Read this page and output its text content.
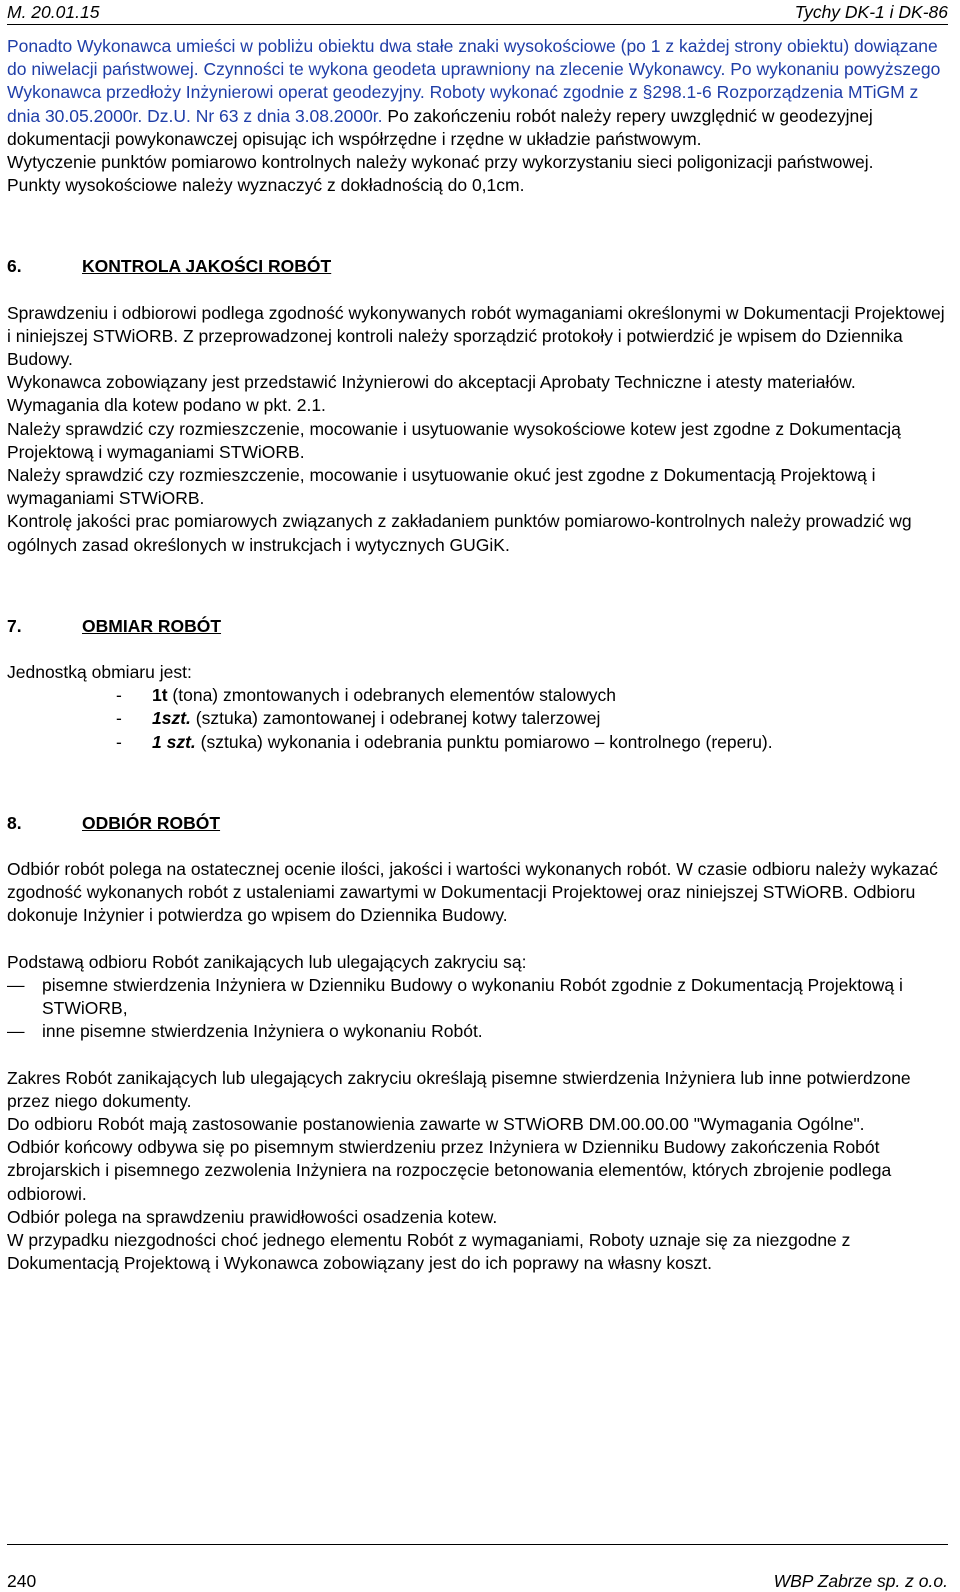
M. 20.01.15	Tychy DK-1 i DK-86

Ponadto Wykonawca umieści w pobliżu obiektu dwa stałe znaki wysokościowe (po 1 z każdej strony obiektu) dowiązane do niwelacji państwowej. Czynności te wykona geodeta uprawniony na zlecenie Wykonawcy. Po wykonaniu powyższego Wykonawca przedłoży Inżynierowi operat geodezyjny. Roboty wykonać zgodnie z §298.1-6 Rozporządzenia MTiGM z dnia 30.05.2000r. Dz.U. Nr 63 z dnia 3.08.2000r. Po zakończeniu robót należy repery uwzględnić w geodezyjnej dokumentacji powykonawczej opisując ich współrzędne i rzędne w układzie państwowym.

Wytyczenie punktów pomiarowo kontrolnych należy wykonać przy wykorzystaniu sieci poligonizacji państwowej.

Punkty wysokościowe należy wyznaczyć z dokładnością do 0,1cm.

6.	KONTROLA JAKOŚCI ROBÓT

Sprawdzeniu i odbiorowi podlega zgodność wykonywanych robót wymaganiami określonymi w Dokumentacji Projektowej i niniejszej STWiORB. Z przeprowadzonej kontroli należy sporządzić protokoły i potwierdzić je wpisem do Dziennika Budowy.

Wykonawca zobowiązany jest przedstawić Inżynierowi do akceptacji Aprobaty Techniczne i atesty materiałów.

Wymagania dla kotew podano w pkt. 2.1.

Należy sprawdzić czy rozmieszczenie, mocowanie i usytuowanie wysokościowe kotew jest zgodne z Dokumentacją Projektową i wymaganiami STWiORB.

Należy sprawdzić czy rozmieszczenie, mocowanie i usytuowanie okuć jest zgodne z Dokumentacją Projektową i wymaganiami STWiORB.

Kontrolę jakości prac pomiarowych związanych z zakładaniem punktów pomiarowo-kontrolnych należy prowadzić wg ogólnych zasad określonych w instrukcjach i wytycznych GUGiK.

7.	OBMIAR ROBÓT

Jednostką obmiaru jest:

- 1t (tona) zmontowanych i odebranych elementów stalowych
- 1szt. (sztuka) zamontowanej i odebranej kotwy talerzowej
- 1 szt. (sztuka) wykonania i odebrania punktu pomiarowo – kontrolnego (reperu).
8.	ODBIÓR ROBÓT

Odbiór robót polega na ostatecznej ocenie ilości, jakości i wartości wykonanych robót. W czasie odbioru należy wykazać zgodność wykonanych robót z ustaleniami zawartymi w Dokumentacji Projektowej oraz niniejszej STWiORB. Odbioru dokonuje Inżynier i potwierdza go wpisem do Dziennika Budowy.

Podstawą odbioru Robót zanikających lub ulegających zakryciu są:

— pisemne stwierdzenia Inżyniera w Dzienniku Budowy o wykonaniu Robót zgodnie z Dokumentacją Projektową i STWiORB,
— inne pisemne stwierdzenia Inżyniera o wykonaniu Robót.

Zakres Robót zanikających lub ulegających zakryciu określają pisemne stwierdzenia Inżyniera lub inne potwierdzone przez niego dokumenty.

Do odbioru Robót mają zastosowanie postanowienia zawarte w STWiORB DM.00.00.00 "Wymagania Ogólne".

Odbiór końcowy odbywa się po pisemnym stwierdzeniu przez Inżyniera w Dzienniku Budowy zakończenia Robót zbrojarskich i pisemnego zezwolenia Inżyniera na rozpoczęcie betonowania elementów, których zbrojenie podlega odbiorowi.

Odbiór polega na sprawdzeniu prawidłowości osadzenia kotew.

W przypadku niezgodności choć jednego elementu Robót z wymaganiami, Roboty uznaje się za niezgodne z Dokumentacją Projektową i Wykonawca zobowiązany jest do ich poprawy na własny koszt.

240	WBP Zabrze sp. z o.o.
